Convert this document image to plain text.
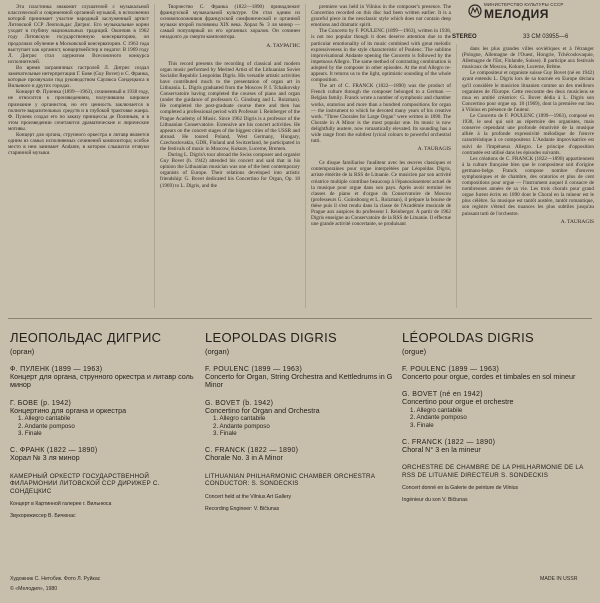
МИНИСТЕРСТВО КУЛЬТУРЫ СССР
МЕЛОДИЯ
STEREO	33 СМ 03955—6

Эта пластинка знакомит слушателей с музыкальной классической и современной органной музыкой, в исполнении которой принимает участие народный заслуженный артист Литовской ССР Леопольдас Дигрис. Его музыкальные корни уходят в глубину национальных традиций. Окончив в 1962 году Литовскую государственную консерваторию, он продолжил обучение в Московской консерватории. С 1963 года выступает как органист, концертмейстер и педагог. В 1969 году Л. Дигрис стал лауреатом Всесоюзного конкурса исполнителей.

Во время заграничных гастролей Л. Дигрис создал замечательные интерпретации Г. Бове (Guy Bovet) и С. Франка, которые прозвучали под руководством Саулюса Сондецкиса в Вильнюсе и других городах.

Концерт Ф. Пуленка (1899—1963), сочиненный в 1938 году, не относится к произведениям, получившим широкое признание у органистов, но его ценность заключается в полноте выразительных средств и в глубокой трактовке жанра. Ф. Пуленк создал его по заказу принцессы де Полиньяк, и в этом произведении сочетаются драматические и лирические мотивы.

Концерт для органа, струнного оркестра и литавр является одним из самых исполняемых сочинений композитора; особое место в нем занимает Andante, в котором слышатся отзвуки старинной музыки.

Творчество С. Франка (1822—1890) принадлежит французской музыкальной культуре. Он стал одним из основоположников французской симфонической и органной музыки второй половины XIX века. Хорал № 3 ля минор — самый популярный из его органных хоралов. Он сочинен незадолго до смерти композитора.

А. ТАУРАГИС

This record presents the recording of classical and modern organ music performed by Merited Artist of the Lithuanian Soviet Socialist Republic Leopoldas Digris. His versatile artistic activities have contributed much to the presentation of organ art in Lithuania. L. Digris graduated from the Moscow P. I. Tchaikovsky Conservatoire having completed the courses of piano and organ (under the guidance of professors G. Ginsburg and L. Roizman). He completed the post-graduate course there and then has completed a professional period with Professor I. Reinberger of the Prague Academy of Music. Since 1962 Digris is a professor of the Lithuanian Conservatoire. Extensive are his concert activities. He appears on the concert stages of the biggest cities of the USSR and abroad. He toured Poland, West Germany, Hungary, Czechoslovakia, GDR, Finland and Switzerland, he participated in the festivals of music in Moscow, Kokure, Lucerne, Bremen.

During L. Digris's tour abroad the Swiss composer and organist Guy Bovet (b. 1942) attended his concert and said that in his opinion the Lithuanian musician was one of the best contemporary organists of Europe. Their relations developed into artistic friendship: G. Bovet dedicated his Concertino for Organ, Op. 18 (1969) to L. Digris, and the

premiere was held in Vilnius in the composer's presence. The Concertino recorded on this disc had been written earlier. It is a graceful piece in the neoclassic style which does not contain deep emotions and dramatic spirit.

The Concerto by F. POULENC (1899—1963), written in 1938, is not too popular though it does deserve attention due to the particular emotionality of its music combined with great melodic expressiveness in the style characteristic of Poulenc. The sublime improvisational Andante opening the Concerto is followed by the impetuous Allegro. The same method of contrasting combination is adopted by the composer in other episodes. At the end Allegro re-appears. It returns us to the light, optimistic sounding of the whole composition.

The art of C. FRANCK (1822—1890) was the product of French culture through the composer belonged to a German — Belgian family. Franck wrote a number of symphonic and chamber works, oratorios and more than a hundred compositions for organ — the instrument to which he devoted many years of his creative work. "Three Chorales for Large Organ" were written in 1890. The Chorale in A Minor is the most popular one. Its music is now delightfully austere, now romantically elevated. Its sounding has a wide range from the subtlest lyrical colours to powerful orchestral tutti.

A. TAURAGIS

Ce disque familiarise l'auditeur avec les œuvres classiques et contemporaines pour orgue interprétées par Léopoldas Digris, artiste émérite de la RSS de Lituanie. Ce musicien par son activité créatrice multiple contribue beaucoup à l'épanouissement actuel de la musique pour orgue dans son pays. Après avoir terminé les classes de piano et d'orgue du Conservatoire de Moscou (professeurs G. Guinsbourg et L. Roizman), il prépare la bourse de thèse puis il s'est rendu dans la classe de l'Académie musicale de Prague aux auspices du professeur I. Reinberger. A partir de 1962 Digris enseigne au Conservatoire de la RSS de Lituanie. Il effectue une grande activité concertante, se produisant

dans les plus grandes villes soviétiques et à l'étranger (Pologne, Allemagne de l'Ouest, Hongrie, Tchécoslovaquie, Allemagne de l'Est, Finlande, Suisse). Il participe aux festivals musicaux de Moscou, Kokure, Lucerne, Brême.

Le compositeur et organiste suisse Guy Bovet (né en 1942) ayant entendu L. Digris lors de sa tournée en Europe déclara qu'il considère le musicien lituanien comme un des meilleurs organistes de l'Europe. Cette rencontre des deux musiciens se mua en amitié créatrice: G. Bovet dédia à L. Digris son Concertino pour orgue op. 18 (1969), dont la première eut lieu à Vilnius en présence de l'auteur.

Le Concerto de F. POULENC (1899—1963), composé en 1938, le seul qui soit au répertoire des organistes, mais conserve cependant une profonde émotivité de la musique alliée à la profonde expressivité mélodique de l'œuvre caractéristique à ce compositeur. L'Andante improvisatrice est suivi de l'impétueux Allegro. Le principe d'opposition contrastée est utilisé dans les épisodes suivants.

Les créations de C. FRANCK (1822—1890) appartiennent à la culture française bien que le compositeur soit d'origine germano-belge. Franck compose nombre d'œuvres symphoniques et de chambre, des oratorios et plus de cent compositions pour orgue — l'instrument auquel il consacre de nombreuses années de sa vie. Les trois chorals pour grand orgue furent écrits en 1890 dont le Choral en la mineur est le plus célèbre. Sa musique est tantôt austère, tantôt romantique, son registre s'étend des nuances les plus subtiles jusqu'au puissant tutti de l'orchestre.

A. TAURAGIS
ЛЕОПОЛЬДАС ДИГРИС
(орган)
Ф. ПУЛЕНК (1899 — 1963)
Концерт для органа, струнного оркестра и литавр соль минор
Г. БОВЕ (р. 1942)
Концертино для органа и оркестра
1. Allegro cantabile
2. Andante pomposo
3. Finale
С. ФРАНК (1822 — 1890)
Хорал № 3 ля минор
КАМЕРНЫЙ ОРКЕСТР ГОСУДАРСТВЕННОЙ ФИЛАРМОНИИ ЛИТОВСКОЙ ССР ДИРИЖЕР С. СОНДЕЦКИС
Концерт в Картинной галерее г. Вильнюса
Звукорежиссер В. Бичюнас
LEOPOLDAS DIGRIS
(organ)
F. POULENC (1899 — 1963)
Concerto for Organ, String Orchestra and Kettledrums in G Minor
G. BOVET (b. 1942)
Concertino for Organ and Orchestra
1. Allegro cantabile
2. Andante pomposo
3. Finale
C. FRANCK (1822 — 1890)
Chorale No. 3 in A Minor
LITHUANIAN PHILHARMONIC CHAMBER ORCHESTRA CONDUCTOR: S. SONDECKIS
Concert held at the Vilnius Art Gallery
Recording Engineer: V. Bičiunas
LÉOPOLDAS DIGRIS
(orgue)
F. POULENC (1899 — 1963)
Concerto pour orgue, cordes et timbales en sol mineur
G. BOVET (né en 1942)
Concertino pour orgue et orchestre
1. Allegro cantabile
2. Andante pomposo
3. Finale
C. FRANCK (1822 — 1890)
Choral N° 3 en la mineur
ORCHESTRE DE CHAMBRE DE LA PHILHARMONIE DE LA RSS DE LITUANIE DIRECTEUR S. SONDECKIS
Concert donné en la Galerie de peinture de Vilnius
Ingénieur du son V. Bičiunas
Художник С. Нетобик. Фото Л. Руйкас
© «Мелодия», 1980
MADE IN USSR
